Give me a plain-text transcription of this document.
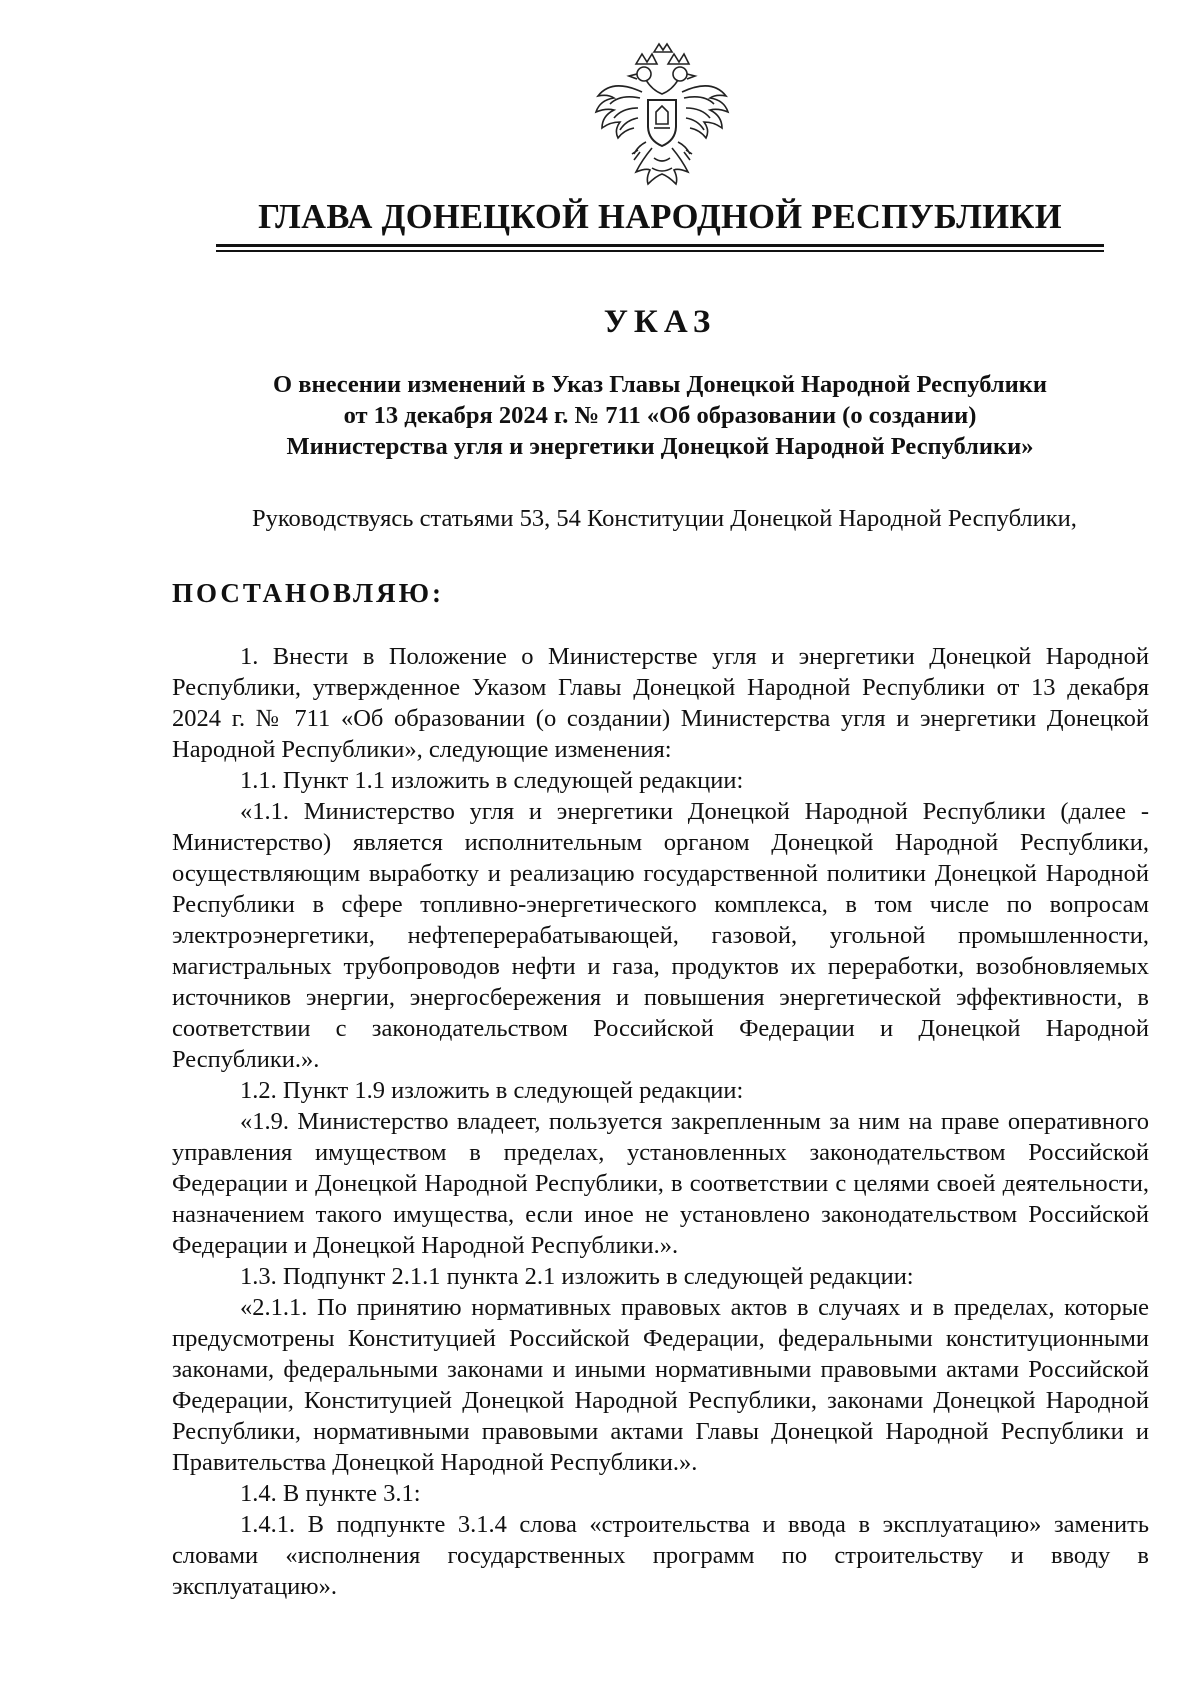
ГЛАВА ДОНЕЦКОЙ НАРОДНОЙ РЕСПУБЛИКИ
УКАЗ
О внесении изменений в Указ Главы Донецкой Народной Республики
от 13 декабря 2024 г. № 711 «Об образовании (о создании)
Министерства угля и энергетики Донецкой Народной Республики»
Руководствуясь статьями 53, 54 Конституции Донецкой Народной Республики,
ПОСТАНОВЛЯЮ:

1. Внести в Положение о Министерстве угля и энергетики Донецкой Народной Республики, утвержденное Указом Главы Донецкой Народной Республики от 13 декабря 2024 г. № 711 «Об образовании (о создании) Министерства угля и энергетики Донецкой Народной Республики», следующие изменения:

1.1. Пункт 1.1 изложить в следующей редакции:

«1.1. Министерство угля и энергетики Донецкой Народной Республики (далее - Министерство) является исполнительным органом Донецкой Народной Республики, осуществляющим выработку и реализацию государственной политики Донецкой Народной Республики в сфере топливно-энергетического комплекса, в том числе по вопросам электроэнергетики, нефтеперерабатывающей, газовой, угольной промышленности, магистральных трубопроводов нефти и газа, продуктов их переработки, возобновляемых источников энергии, энергосбережения и повышения энергетической эффективности, в соответствии с законодательством Российской Федерации и Донецкой Народной Республики.».

1.2. Пункт 1.9 изложить в следующей редакции:

«1.9. Министерство владеет, пользуется закрепленным за ним на праве оперативного управления имуществом в пределах, установленных законодательством Российской Федерации и Донецкой Народной Республики, в соответствии с целями своей деятельности, назначением такого имущества, если иное не установлено законодательством Российской Федерации и Донецкой Народной Республики.».

1.3. Подпункт 2.1.1 пункта 2.1 изложить в следующей редакции:

«2.1.1. По принятию нормативных правовых актов в случаях и в пределах, которые предусмотрены Конституцией Российской Федерации, федеральными конституционными законами, федеральными законами и иными нормативными правовыми актами Российской Федерации, Конституцией Донецкой Народной Республики, законами Донецкой Народной Республики, нормативными правовыми актами Главы Донецкой Народной Республики и Правительства Донецкой Народной Республики.».

1.4. В пункте 3.1:

1.4.1. В подпункте 3.1.4 слова «строительства и ввода в эксплуатацию» заменить словами «исполнения государственных программ по строительству и вводу в эксплуатацию».
